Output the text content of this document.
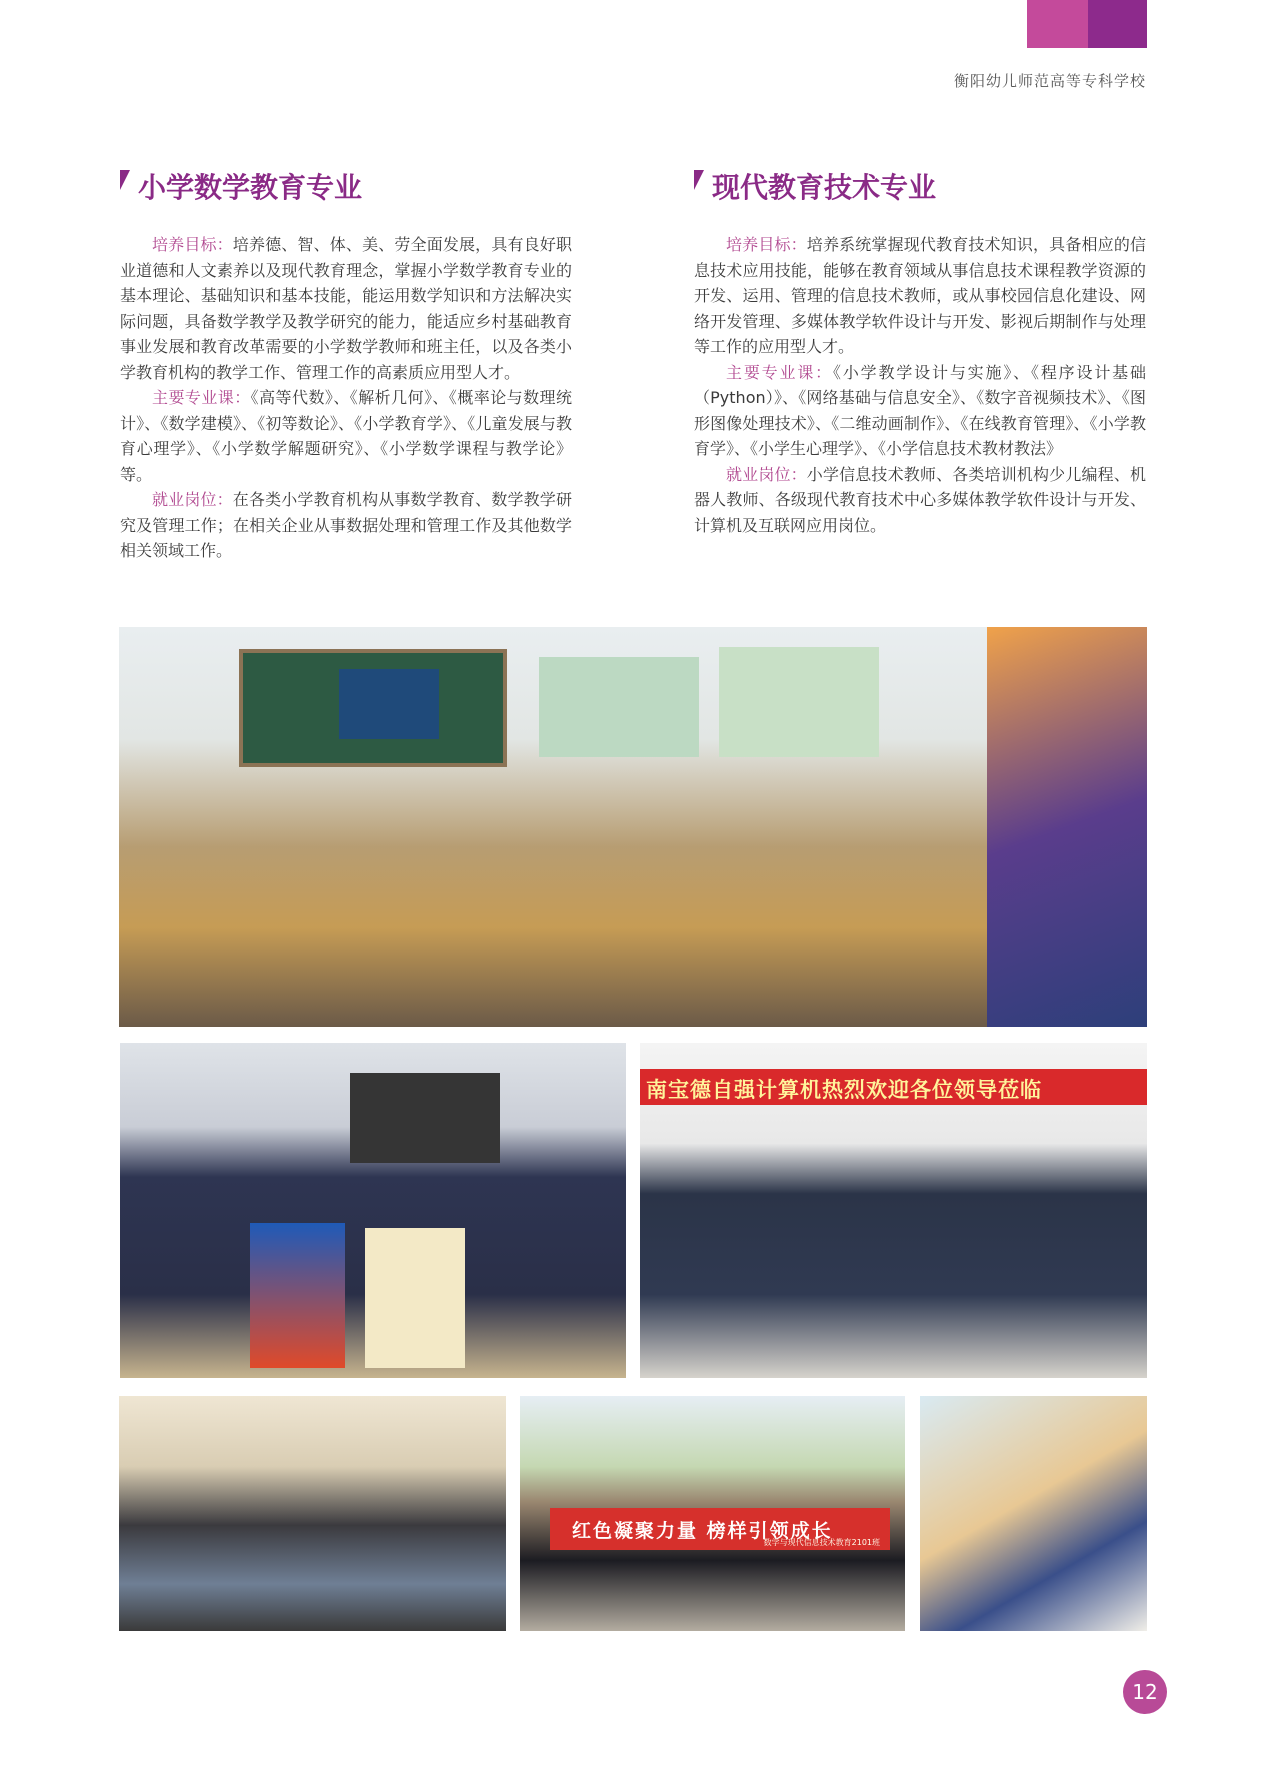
衡阳幼儿师范高等专科学校
小学数学教育专业

培养目标：培养德、智、体、美、劳全面发展，具有良好职业道德和人文素养以及现代教育理念，掌握小学数学教育专业的基本理论、基础知识和基本技能，能运用数学知识和方法解决实际问题，具备数学教学及教学研究的能力，能适应乡村基础教育事业发展和教育改革需要的小学数学教师和班主任，以及各类小学教育机构的教学工作、管理工作的高素质应用型人才。

主要专业课：《高等代数》、《解析几何》、《概率论与数理统计》、《数学建模》、《初等数论》、《小学教育学》、《儿童发展与教育心理学》、《小学数学解题研究》、《小学数学课程与教学论》等。

就业岗位：在各类小学教育机构从事数学教育、数学教学研究及管理工作；在相关企业从事数据处理和管理工作及其他数学相关领域工作。

现代教育技术专业

培养目标：培养系统掌握现代教育技术知识，具备相应的信息技术应用技能，能够在教育领域从事信息技术课程教学资源的开发、运用、管理的信息技术教师，或从事校园信息化建设、网络开发管理、多媒体教学软件设计与开发、影视后期制作与处理等工作的应用型人才。

主要专业课：《小学教学设计与实施》、《程序设计基础（Python）》、《网络基础与信息安全》、《数字音视频技术》、《图形图像处理技术》、《二维动画制作》、《在线教育管理》、《小学教育学》、《小学生心理学》、《小学信息技术教材教法》

就业岗位：小学信息技术教师、各类培训机构少儿编程、机器人教师、各级现代教育技术中心多媒体教学软件设计与开发、计算机及互联网应用岗位。

南宝德自强计算机热烈欢迎各位领导莅临
红色凝聚力量 榜样引领成长
数学与现代信息技术教育2101班
12
